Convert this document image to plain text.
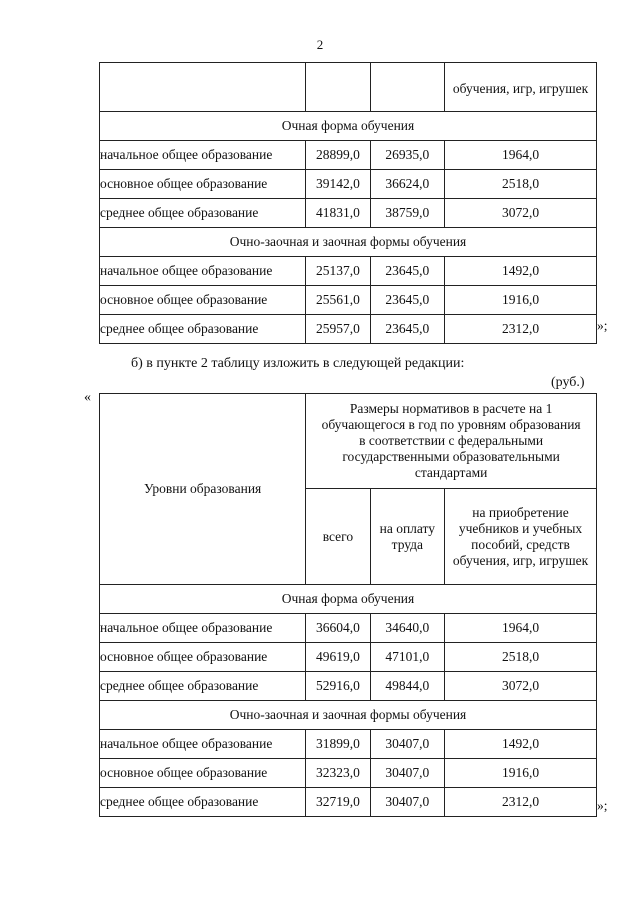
2
			обучения, игр, игрушек
Очная форма обучения			
начальное общее образование	28899,0	26935,0	1964,0
основное общее образование	39142,0	36624,0	2518,0
среднее общее образование	41831,0	38759,0	3072,0
Очно-заочная и заочная формы обучения			
начальное общее образование	25137,0	23645,0	1492,0
основное общее образование	25561,0	23645,0	1916,0
среднее общее образование	25957,0	23645,0	2312,0	»;
б) в пункте 2 таблицу изложить в следующей редакции:
(руб.)
«
Уровни образования	Размеры нормативов в расчете на 1 обучающегося в год по уровням образования в соответствии с федеральными государственными образовательными стандартами		
	всего	на оплату труда	на приобретение учебников и учебных пособий, средств обучения, игр, игрушек
Очная форма обучения			
начальное общее образование	36604,0	34640,0	1964,0
основное общее образование	49619,0	47101,0	2518,0
среднее общее образование	52916,0	49844,0	3072,0
Очно-заочная и заочная формы обучения			
начальное общее образование	31899,0	30407,0	1492,0
основное общее образование	32323,0	30407,0	1916,0
среднее общее образование	32719,0	30407,0	2312,0	»;
